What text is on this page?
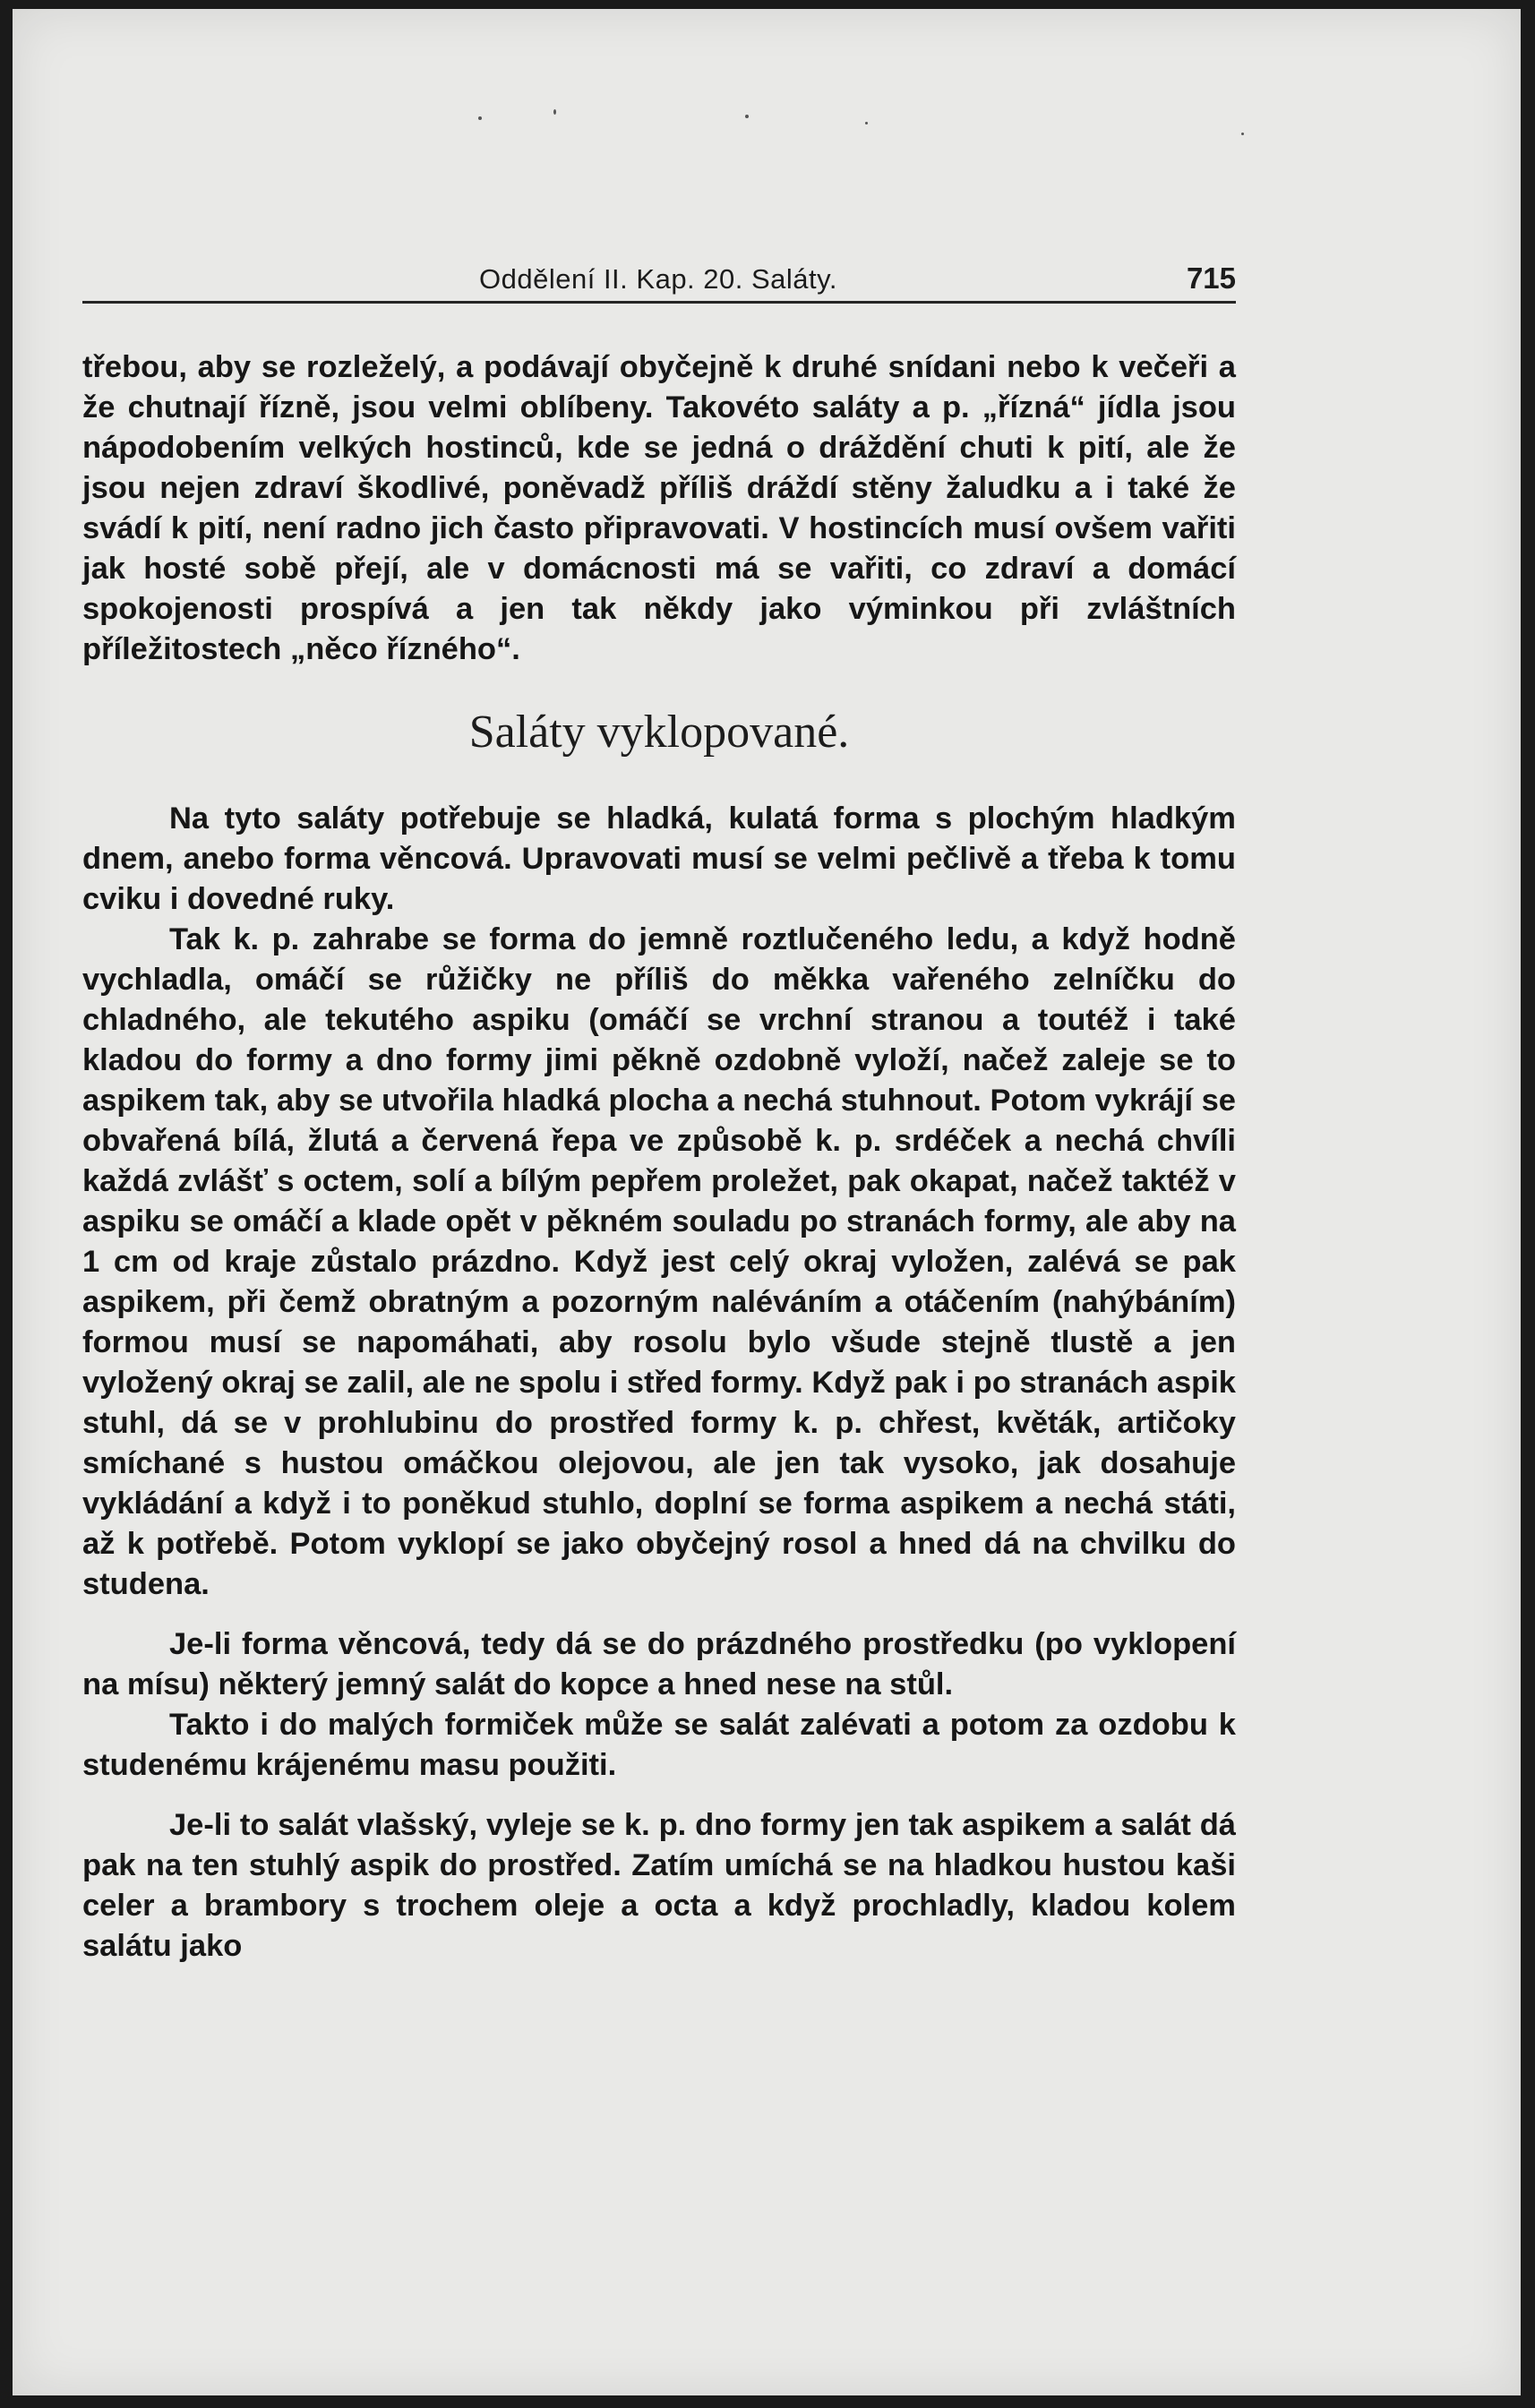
Oddělení II. Kap. 20. Saláty.	715

třebou, aby se rozleželý, a podávají obyčejně k druhé snídani nebo k večeři a že chutnají řízně, jsou velmi oblíbeny. Takovéto saláty a p. „řízná“ jídla jsou nápodobením velkých hostinců, kde se jedná o dráždění chuti k pití, ale že jsou nejen zdraví škodlivé, poněvadž příliš dráždí stěny žaludku a i také že svádí k pití, není radno jich často připravovati. V hostincích musí ovšem vařiti jak hosté sobě přejí, ale v domácnosti má se vařiti, co zdraví a domácí spokojenosti prospívá a jen tak někdy jako výminkou při zvláštních příležitostech „něco řízného“.

Saláty vyklopované.

Na tyto saláty potřebuje se hladká, kulatá forma s plochým hladkým dnem, anebo forma věncová. Upravovati musí se velmi pečlivě a třeba k tomu cviku i dovedné ruky.

Tak k. p. zahrabe se forma do jemně roztlučeného ledu, a když hodně vychladla, omáčí se růžičky ne příliš do měkka vařeného zelníčku do chladného, ale tekutého aspiku (omáčí se vrchní stranou a toutéž i také kladou do formy a dno formy jimi pěkně ozdobně vyloží, načež zaleje se to aspikem tak, aby se utvořila hladká plocha a nechá stuhnout. Potom vykrájí se obvařená bílá, žlutá a červená řepa ve způsobě k. p. srdéček a nechá chvíli každá zvlášť s octem, solí a bílým pepřem proležet, pak okapat, načež taktéž v aspiku se omáčí a klade opět v pěkném souladu po stranách formy, ale aby na 1 cm od kraje zůstalo prázdno. Když jest celý okraj vyložen, zalévá se pak aspikem, při čemž obratným a pozorným naléváním a otáčením (nahýbáním) formou musí se napomáhati, aby rosolu bylo všude stejně tlustě a jen vyložený okraj se zalil, ale ne spolu i střed formy. Když pak i po stranách aspik stuhl, dá se v prohlubinu do prostřed formy k. p. chřest, květák, artičoky smíchané s hustou omáčkou olejovou, ale jen tak vysoko, jak dosahuje vykládání a když i to poněkud stuhlo, doplní se forma aspikem a nechá státi, až k potřebě. Potom vyklopí se jako obyčejný rosol a hned dá na chvilku do studena.

Je-li forma věncová, tedy dá se do prázdného prostředku (po vyklopení na mísu) některý jemný salát do kopce a hned nese na stůl.

Takto i do malých formiček může se salát zalévati a potom za ozdobu k studenému krájenému masu použiti.

Je-li to salát vlašský, vyleje se k. p. dno formy jen tak aspikem a salát dá pak na ten stuhlý aspik do prostřed. Zatím umíchá se na hladkou hustou kaši celer a brambory s trochem oleje a octa a když prochladly, kladou kolem salátu jako
